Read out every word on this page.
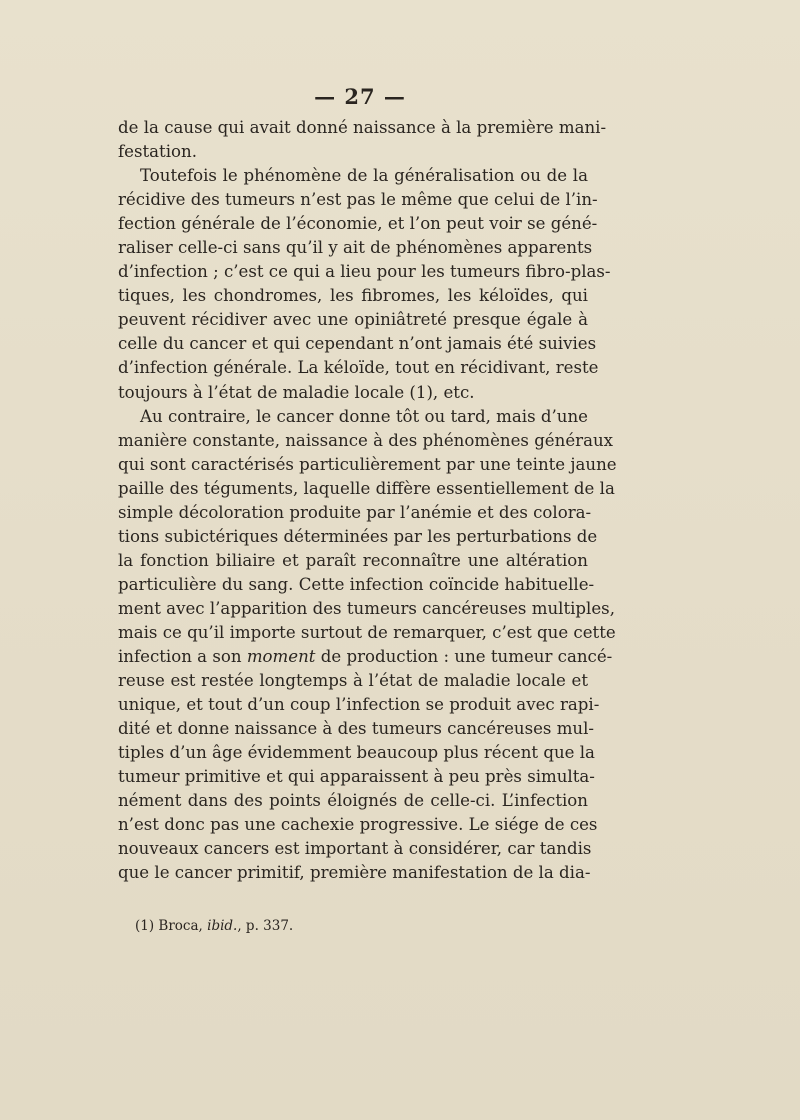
— 27 —
de la cause qui avait donné naissance à la première mani-
festation.
Toutefois le phénomène de la généralisation ou de la
récidive des tumeurs n’est pas le même que celui de l’in-
fection générale de l’économie, et l’on peut voir se géné-
raliser celle-ci sans qu’il y ait de phénomènes apparents
d’infection ; c’est ce qui a lieu pour les tumeurs fibro-plas-
tiques, les chondromes, les fibromes, les kéloïdes, qui
peuvent récidiver avec une opiniâtreté presque égale à
celle du cancer et qui cependant n’ont jamais été suivies
d’infection générale. La kéloïde, tout en récidivant, reste
toujours à l’état de maladie locale (1), etc.
Au contraire, le cancer donne tôt ou tard, mais d’une
manière constante, naissance à des phénomènes généraux
qui sont caractérisés particulièrement par une teinte jaune
paille des téguments, laquelle diffère essentiellement de la
simple décoloration produite par l’anémie et des colora-
tions subictériques déterminées par les perturbations de
la fonction biliaire et paraît reconnaître une altération
particulière du sang. Cette infection coïncide habituelle-
ment avec l’apparition des tumeurs cancéreuses multiples,
mais ce qu’il importe surtout de remarquer, c’est que cette
infection a son moment de production : une tumeur cancé-
reuse est restée longtemps à l’état de maladie locale et
unique, et tout d’un coup l’infection se produit avec rapi-
dité et donne naissance à des tumeurs cancéreuses mul-
tiples d’un âge évidemment beaucoup plus récent que la
tumeur primitive et qui apparaissent à peu près simulta-
nément dans des points éloignés de celle-ci. L’infection
n’est donc pas une cachexie progressive. Le siége de ces
nouveaux cancers est important à considérer, car tandis
que le cancer primitif, première manifestation de la dia-
(1) Broca, ibid., p. 337.
